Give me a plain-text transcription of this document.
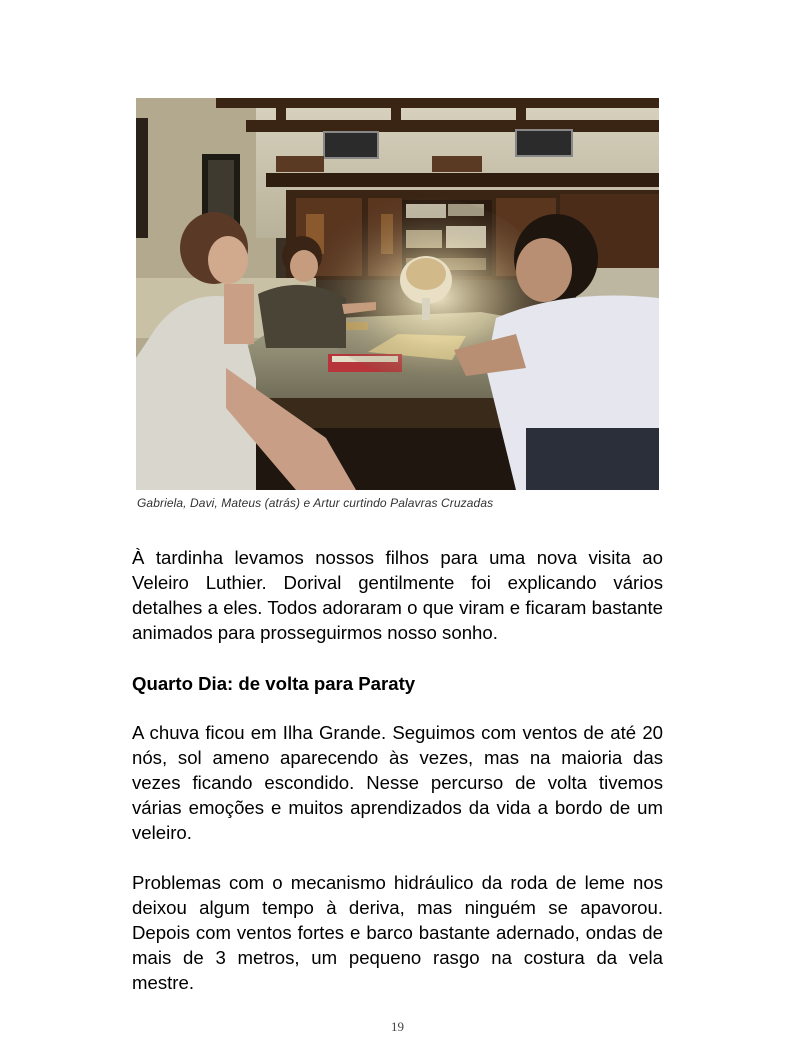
Gabriela, Davi, Mateus (atrás) e Artur curtindo Palavras Cruzadas

À tardinha levamos nossos filhos para uma nova visita ao Veleiro Luthier. Dorival gentilmente foi explicando vários detalhes a eles. Todos adoraram o que viram e ficaram bastante animados para prosseguirmos nosso sonho.

Quarto Dia: de volta para Paraty

A chuva ficou em Ilha Grande. Seguimos com ventos de até 20 nós, sol ameno aparecendo às vezes, mas na maioria das vezes ficando escondido. Nesse percurso de volta tivemos várias emoções e muitos aprendizados da vida a bordo de um veleiro.

Problemas com o mecanismo hidráulico da roda de leme nos deixou algum tempo à deriva, mas ninguém se apavorou. Depois com ventos fortes e barco bastante adernado, ondas de mais de 3 metros, um pequeno rasgo na costura da vela mestre.

19
